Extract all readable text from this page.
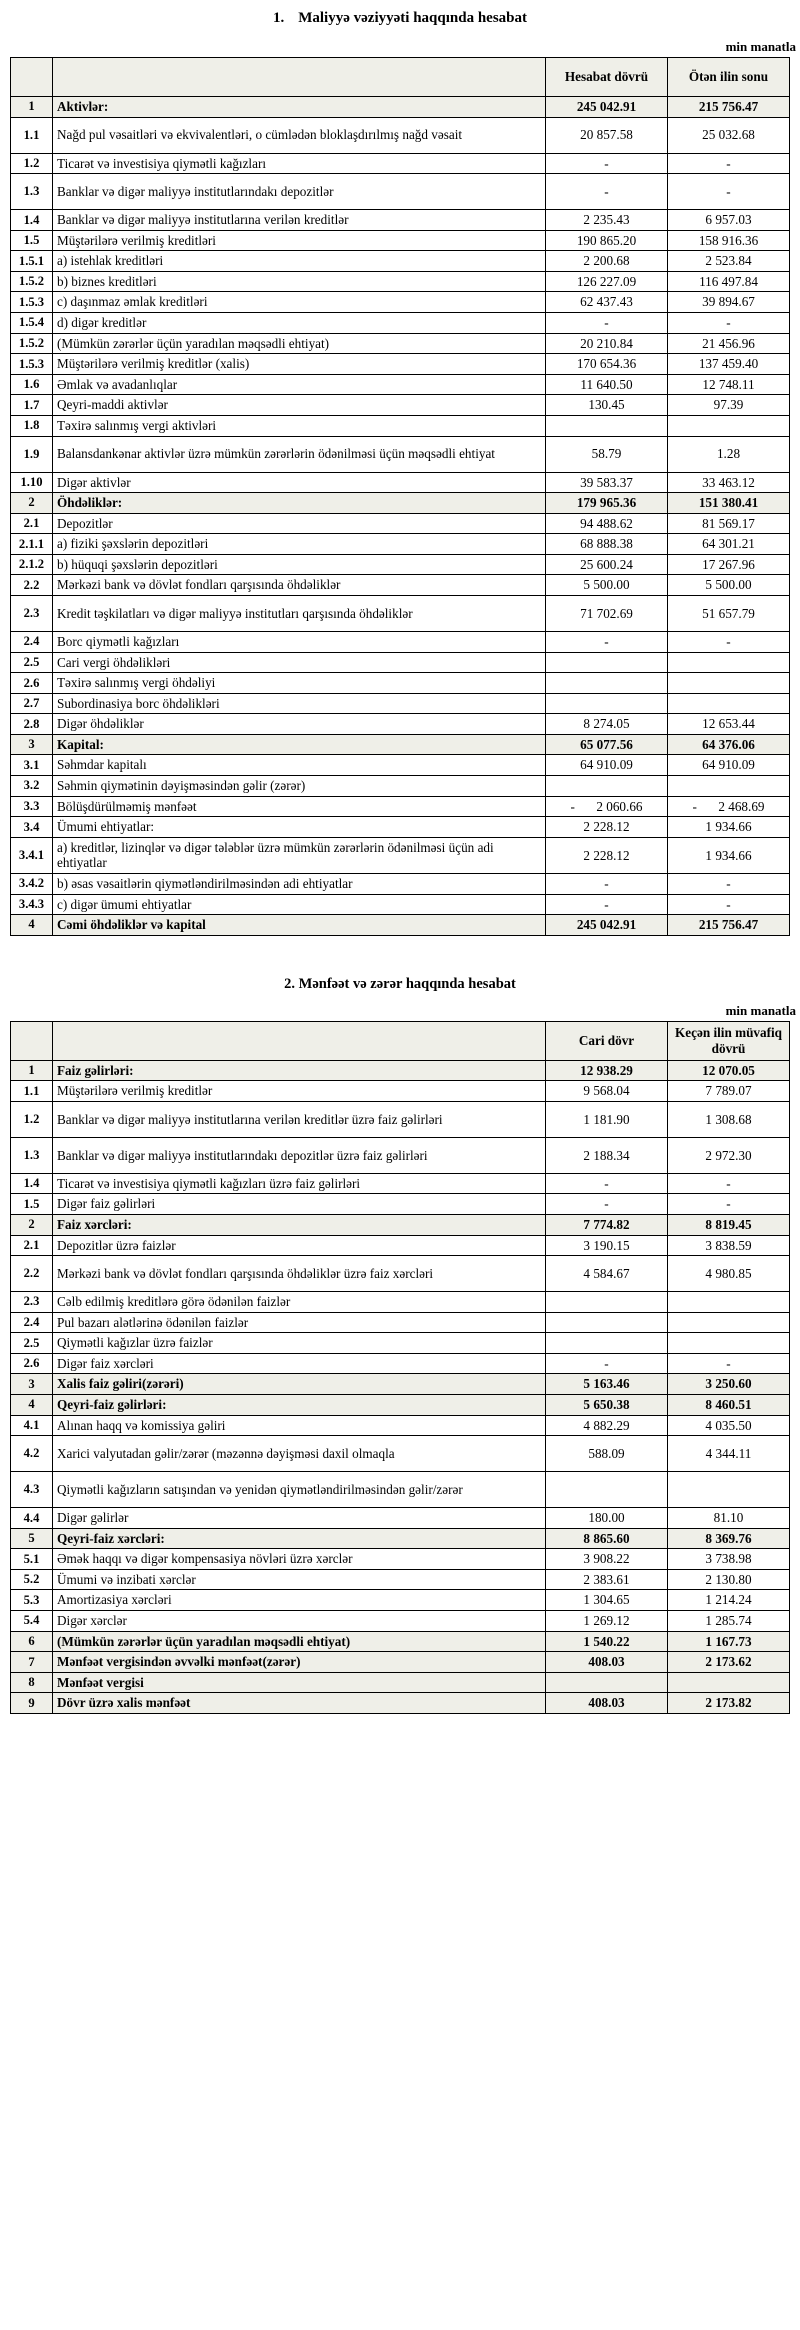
1. Maliyyə vəziyyəti haqqında hesabat
min manatla
		Hesabat dövrü	Ötən ilin sonu
1	Aktivlər:	245 042.91	215 756.47
1.1	Nağd pul vəsaitləri və ekvivalentləri, o cümlədən bloklaşdırılmış nağd vəsait	20 857.58	25 032.68
1.2	Ticarət və investisiya qiymətli kağızları	-	-
1.3	Banklar və digər maliyyə institutlarındakı depozitlər	-	-
1.4	Banklar və digər maliyyə institutlarına verilən kreditlər	2 235.43	6 957.03
1.5	Müştərilərə verilmiş kreditləri	190 865.20	158 916.36
1.5.1	a) istehlak kreditləri	2 200.68	2 523.84
1.5.2	b) biznes kreditləri	126 227.09	116 497.84
1.5.3	c) daşınmaz əmlak kreditləri	62 437.43	39 894.67
1.5.4	d) digər kreditlər	-	-
1.5.2	(Mümkün zərərlər üçün yaradılan məqsədli ehtiyat)	20 210.84	21 456.96
1.5.3	Müştərilərə verilmiş kreditlər (xalis)	170 654.36	137 459.40
1.6	Əmlak və avadanlıqlar	11 640.50	12 748.11
1.7	Qeyri-maddi aktivlər	130.45	97.39
1.8	Təxirə salınmış vergi aktivləri		
1.9	Balansdankənar aktivlər üzrə mümkün zərərlərin ödənilməsi üçün məqsədli ehtiyat	58.79	1.28
1.10	Digər aktivlər	39 583.37	33 463.12
2	Öhdəliklər:	179 965.36	151 380.41
2.1	Depozitlər	94 488.62	81 569.17
2.1.1	a) fiziki şəxslərin depozitləri	68 888.38	64 301.21
2.1.2	b) hüquqi şəxslərin depozitləri	25 600.24	17 267.96
2.2	Mərkəzi bank və dövlət fondları qarşısında öhdəliklər	5 500.00	5 500.00
2.3	Kredit təşkilatları və digər maliyyə institutları qarşısında öhdəliklər	71 702.69	51 657.79
2.4	Borc qiymətli kağızları	-	-
2.5	Cari vergi öhdəlikləri		
2.6	Təxirə salınmış vergi öhdəliyi		
2.7	Subordinasiya borc öhdəlikləri		
2.8	Digər öhdəliklər	8 274.05	12 653.44
3	Kapital:	65 077.56	64 376.06
3.1	Səhmdar kapitalı	64 910.09	64 910.09
3.2	Səhmin qiymətinin dəyişməsindən gəlir (zərər)		
3.3	Bölüşdürülməmiş mənfəət	- 2 060.66	- 2 468.69

3.4	Ümumi ehtiyatlar:	2 228.12	1 934.66
3.4.1	a) kreditlər, lizinqlər və digər tələblər üzrə mümkün zərərlərin ödənilməsi üçün adi ehtiyatlar	2 228.12	1 934.66
3.4.2	b) əsas vəsaitlərin qiymətləndirilməsindən adi ehtiyatlar	-	-
3.4.3	c) digər ümumi ehtiyatlar	-	-
4	Cəmi öhdəliklər və kapital	245 042.91	215 756.47
2. Mənfəət və zərər haqqında hesabat
min manatla
		Cari dövr	Keçən ilin müvafiq dövrü
1	Faiz gəlirləri:	12 938.29	12 070.05
1.1	Müştərilərə verilmiş kreditlər	9 568.04	7 789.07
1.2	Banklar və digər maliyyə institutlarına verilən kreditlər üzrə faiz gəlirləri	1 181.90	1 308.68
1.3	Banklar və digər maliyyə institutlarındakı depozitlər üzrə faiz gəlirləri	2 188.34	2 972.30
1.4	Ticarət və investisiya qiymətli kağızları üzrə faiz gəlirləri	-	-
1.5	Digər faiz gəlirləri	-	-
2	Faiz xərcləri:	7 774.82	8 819.45
2.1	Depozitlər üzrə faizlər	3 190.15	3 838.59
2.2	Mərkəzi bank və dövlət fondları qarşısında öhdəliklər üzrə faiz xərcləri	4 584.67	4 980.85
2.3	Cəlb edilmiş kreditlərə görə ödənilən faizlər		
2.4	Pul bazarı alətlərinə ödənilən faizlər		
2.5	Qiymətli kağızlar üzrə faizlər		
2.6	Digər faiz xərcləri	-	-
3	Xalis faiz gəliri(zərəri)	5 163.46	3 250.60
4	Qeyri-faiz gəlirləri:	5 650.38	8 460.51
4.1	Alınan haqq və komissiya gəliri	4 882.29	4 035.50
4.2	Xarici valyutadan gəlir/zərər (məzənnə dəyişməsi daxil olmaqla	588.09	4 344.11
4.3	Qiymətli kağızların satışından və yenidən qiymətləndirilməsindən gəlir/zərər		
4.4	Digər gəlirlər	180.00	81.10
5	Qeyri-faiz xərcləri:	8 865.60	8 369.76
5.1	Əmək haqqı və digər kompensasiya növləri üzrə xərclər	3 908.22	3 738.98
5.2	Ümumi və inzibati xərclər	2 383.61	2 130.80
5.3	Amortizasiya xərcləri	1 304.65	1 214.24
5.4	Digər xərclər	1 269.12	1 285.74
6	(Mümkün zərərlər üçün yaradılan məqsədli ehtiyat)	1 540.22	1 167.73
7	Mənfəət vergisindən əvvəlki mənfəət(zərər)	408.03	2 173.62
8	Mənfəət vergisi		
9	Dövr üzrə xalis mənfəət	408.03	2 173.82
